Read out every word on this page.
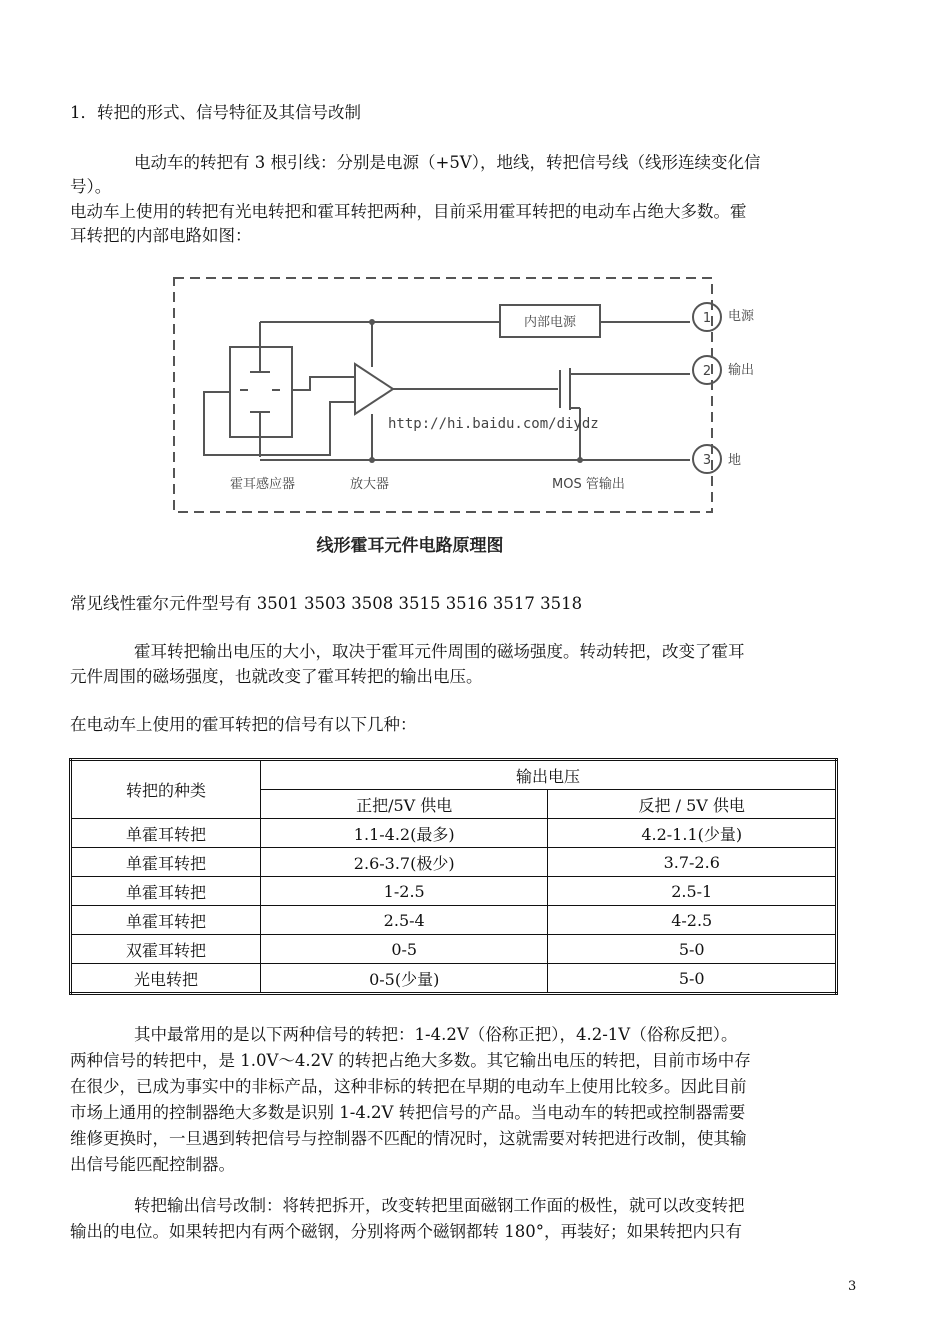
1．转把的形式、信号特征及其信号改制
电动车的转把有 3 根引线：分别是电源（+5V），地线，转把信号线（线形连续变化信
号）。
电动车上使用的转把有光电转把和霍耳转把两种，目前采用霍耳转把的电动车占绝大多数。霍
耳转把的内部电路如图：
内部电源	1
2
3
电源
输出
地
http://hi.baidu.com/diydz
霍耳感应器	放大器	MOS 管输出
线形霍耳元件电路原理图
常见线性霍尔元件型号有 3501 3503 3508 3515 3516 3517 3518
霍耳转把输出电压的大小，取决于霍耳元件周围的磁场强度。转动转把，改变了霍耳
元件周围的磁场强度，也就改变了霍耳转把的输出电压。
在电动车上使用的霍耳转把的信号有以下几种：
转把的种类	输出电压	
	正把/5V 供电	反把 / 5V 供电
单霍耳转把	1.1-4.2(最多)	4.2-1.1(少量)
单霍耳转把	2.6-3.7(极少)	3.7-2.6
单霍耳转把	1-2.5	2.5-1
单霍耳转把	2.5-4	4-2.5
双霍耳转把	0-5	5-0
光电转把	0-5(少量)	5-0
其中最常用的是以下两种信号的转把：1-4.2V（俗称正把），4.2-1V（俗称反把）。
两种信号的转把中，是 1.0V～4.2V 的转把占绝大多数。其它输出电压的转把，目前市场中存
在很少，已成为事实中的非标产品，这种非标的转把在早期的电动车上使用比较多。因此目前
市场上通用的控制器绝大多数是识别 1-4.2V 转把信号的产品。当电动车的转把或控制器需要
维修更换时，一旦遇到转把信号与控制器不匹配的情况时，这就需要对转把进行改制，使其输
出信号能匹配控制器。
转把输出信号改制：将转把拆开，改变转把里面磁钢工作面的极性，就可以改变转把
输出的电位。如果转把内有两个磁钢，分别将两个磁钢都转 180°，再装好；如果转把内只有
3
